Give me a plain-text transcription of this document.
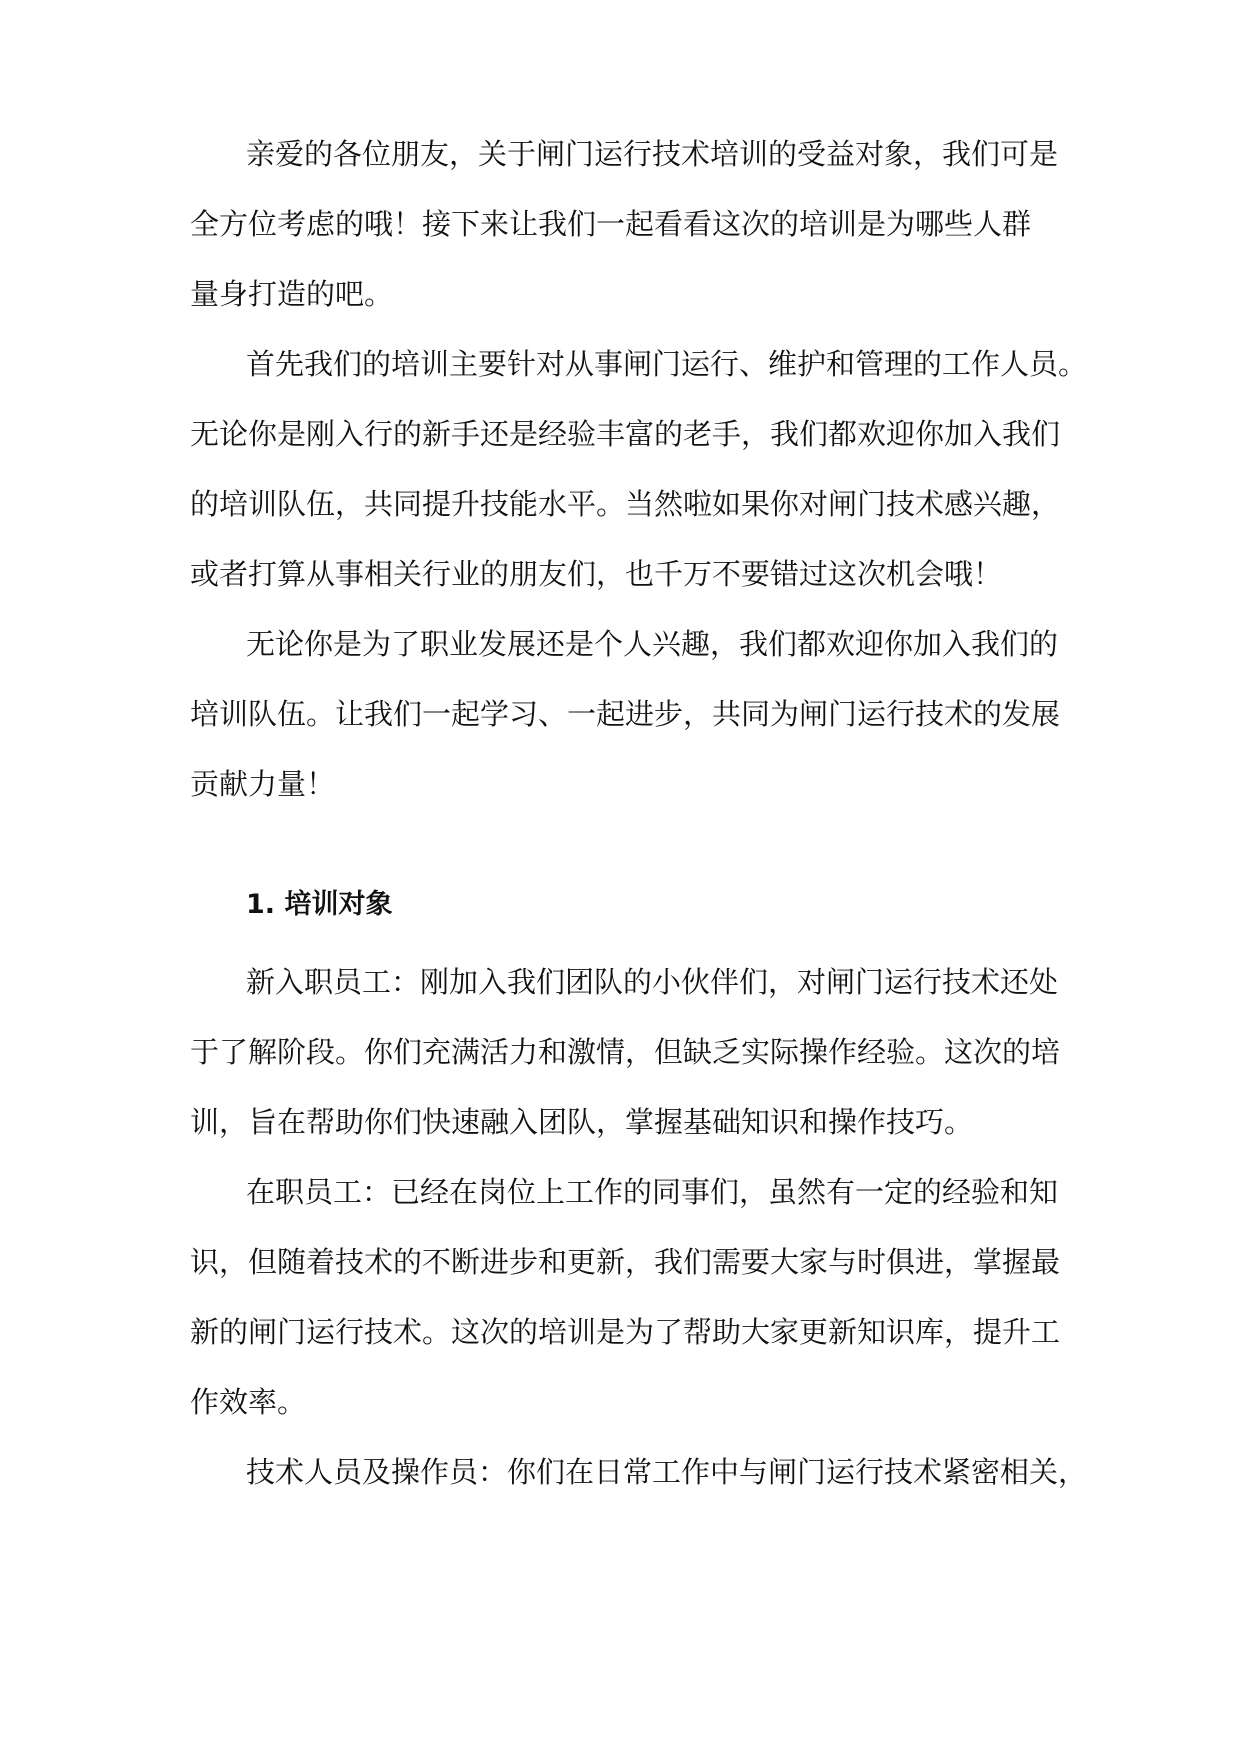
亲爱的各位朋友，关于闸门运行技术培训的受益对象，我们可是
全方位考虑的哦！接下来让我们一起看看这次的培训是为哪些人群
量身打造的吧。
首先我们的培训主要针对从事闸门运行、维护和管理的工作人员。
无论你是刚入行的新手还是经验丰富的老手，我们都欢迎你加入我们
的培训队伍，共同提升技能水平。当然啦如果你对闸门技术感兴趣，
或者打算从事相关行业的朋友们，也千万不要错过这次机会哦！
无论你是为了职业发展还是个人兴趣，我们都欢迎你加入我们的
培训队伍。让我们一起学习、一起进步，共同为闸门运行技术的发展
贡献力量！
1. 培训对象
新入职员工：刚加入我们团队的小伙伴们，对闸门运行技术还处
于了解阶段。你们充满活力和激情，但缺乏实际操作经验。这次的培
训，旨在帮助你们快速融入团队，掌握基础知识和操作技巧。
在职员工：已经在岗位上工作的同事们，虽然有一定的经验和知
识，但随着技术的不断进步和更新，我们需要大家与时俱进，掌握最
新的闸门运行技术。这次的培训是为了帮助大家更新知识库，提升工
作效率。
技术人员及操作员：你们在日常工作中与闸门运行技术紧密相关，
